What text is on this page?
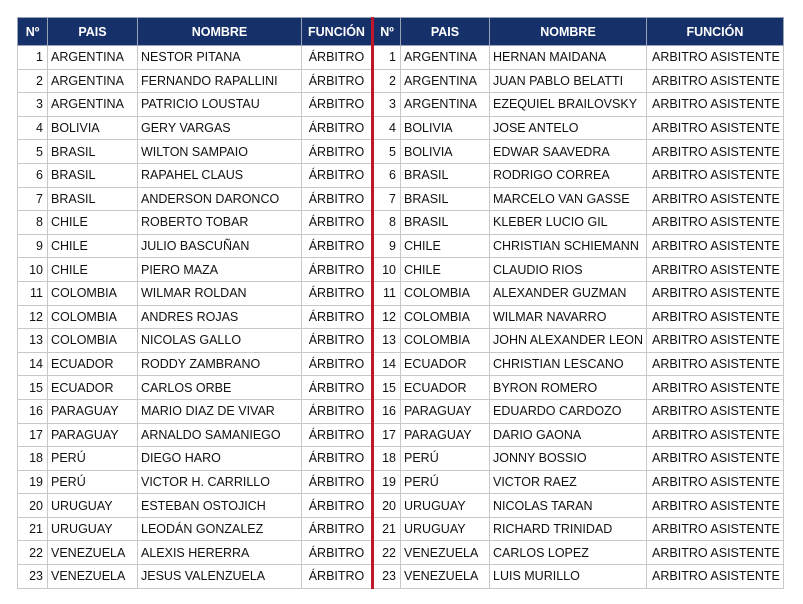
Nº	PAIS	NOMBRE	FUNCIÓN	Nº	PAIS	NOMBRE	FUNCIÓN
1	ARGENTINA	NESTOR PITANA	ÁRBITRO	1	ARGENTINA	HERNAN MAIDANA	ARBITRO ASISTENTE
2	ARGENTINA	FERNANDO RAPALLINI	ÁRBITRO	2	ARGENTINA	JUAN PABLO BELATTI	ARBITRO ASISTENTE
3	ARGENTINA	PATRICIO LOUSTAU	ÁRBITRO	3	ARGENTINA	EZEQUIEL BRAILOVSKY	ARBITRO ASISTENTE
4	BOLIVIA	GERY VARGAS	ÁRBITRO	4	BOLIVIA	JOSE ANTELO	ARBITRO ASISTENTE
5	BRASIL	WILTON SAMPAIO	ÁRBITRO	5	BOLIVIA	EDWAR SAAVEDRA	ARBITRO ASISTENTE
6	BRASIL	RAPAHEL CLAUS	ÁRBITRO	6	BRASIL	RODRIGO CORREA	ARBITRO ASISTENTE
7	BRASIL	ANDERSON DARONCO	ÁRBITRO	7	BRASIL	MARCELO VAN GASSE	ARBITRO ASISTENTE
8	CHILE	ROBERTO TOBAR	ÁRBITRO	8	BRASIL	KLEBER LUCIO GIL	ARBITRO ASISTENTE
9	CHILE	JULIO BASCUÑAN	ÁRBITRO	9	CHILE	CHRISTIAN SCHIEMANN	ARBITRO ASISTENTE
10	CHILE	PIERO MAZA	ÁRBITRO	10	CHILE	CLAUDIO RIOS	ARBITRO ASISTENTE
11	COLOMBIA	WILMAR ROLDAN	ÁRBITRO	11	COLOMBIA	ALEXANDER GUZMAN	ARBITRO ASISTENTE
12	COLOMBIA	ANDRES ROJAS	ÁRBITRO	12	COLOMBIA	WILMAR NAVARRO	ARBITRO ASISTENTE
13	COLOMBIA	NICOLAS GALLO	ÁRBITRO	13	COLOMBIA	JOHN ALEXANDER LEON	ARBITRO ASISTENTE
14	ECUADOR	RODDY ZAMBRANO	ÁRBITRO	14	ECUADOR	CHRISTIAN LESCANO	ARBITRO ASISTENTE
15	ECUADOR	CARLOS ORBE	ÁRBITRO	15	ECUADOR	BYRON ROMERO	ARBITRO ASISTENTE
16	PARAGUAY	MARIO DIAZ DE VIVAR	ÁRBITRO	16	PARAGUAY	EDUARDO CARDOZO	ARBITRO ASISTENTE
17	PARAGUAY	ARNALDO SAMANIEGO	ÁRBITRO	17	PARAGUAY	DARIO GAONA	ARBITRO ASISTENTE
18	PERÚ	DIEGO HARO	ÁRBITRO	18	PERÚ	JONNY BOSSIO	ARBITRO ASISTENTE
19	PERÚ	VICTOR H. CARRILLO	ÁRBITRO	19	PERÚ	VICTOR RAEZ	ARBITRO ASISTENTE
20	URUGUAY	ESTEBAN OSTOJICH	ÁRBITRO	20	URUGUAY	NICOLAS TARAN	ARBITRO ASISTENTE
21	URUGUAY	LEODÁN GONZALEZ	ÁRBITRO	21	URUGUAY	RICHARD TRINIDAD	ARBITRO ASISTENTE
22	VENEZUELA	ALEXIS HERERRA	ÁRBITRO	22	VENEZUELA	CARLOS LOPEZ	ARBITRO ASISTENTE
23	VENEZUELA	JESUS VALENZUELA	ÁRBITRO	23	VENEZUELA	LUIS MURILLO	ARBITRO ASISTENTE
